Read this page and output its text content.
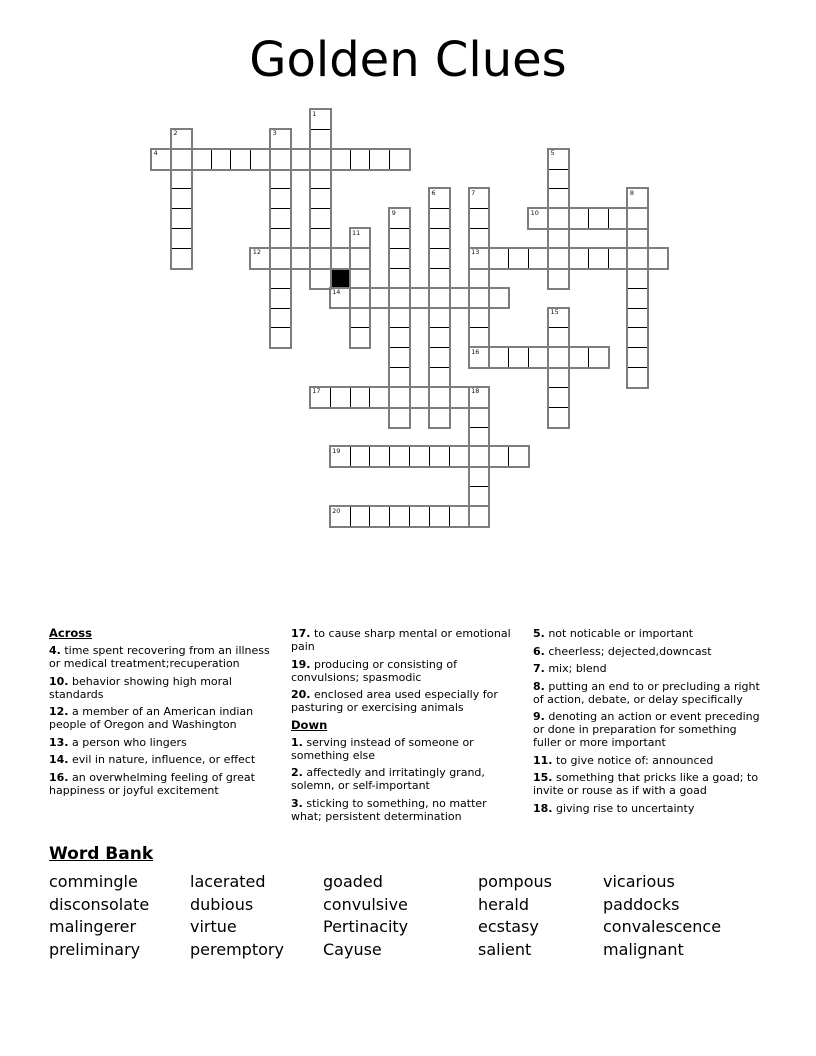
Golden Clues
1
2	3
4	5
6	7	8
9	10
11
12	13
14
15
16
17	18
19
20
Across
4. time spent recovering from an illness or medical treatment;recuperation
10. behavior showing high moral standards
12. a member of an American indian people of Oregon and Washington
13. a person who lingers
14. evil in nature, influence, or effect
16. an overwhelming feeling of great happiness or joyful excitement
17. to cause sharp mental or emotional pain
19. producing or consisting of convulsions; spasmodic
20. enclosed area used especially for pasturing or exercising animals
Down
1. serving instead of someone or something else
2. affectedly and irritatingly grand, solemn, or self-important
3. sticking to something, no matter what; persistent determination
5. not noticable or important
6. cheerless; dejected,downcast
7. mix; blend
8. putting an end to or precluding a right of action, debate, or delay specifically
9. denoting an action or event preceding or done in preparation for something fuller or more important
11. to give notice of: announced
15. something that pricks like a goad; to invite or rouse as if with a goad
18. giving rise to uncertainty
Word Bank
commingle
disconsolate
malingerer
preliminary
lacerated
dubious
virtue
peremptory
goaded
convulsive
Pertinacity
Cayuse
pompous
herald
ecstasy
salient
vicarious
paddocks
convalescence
malignant
